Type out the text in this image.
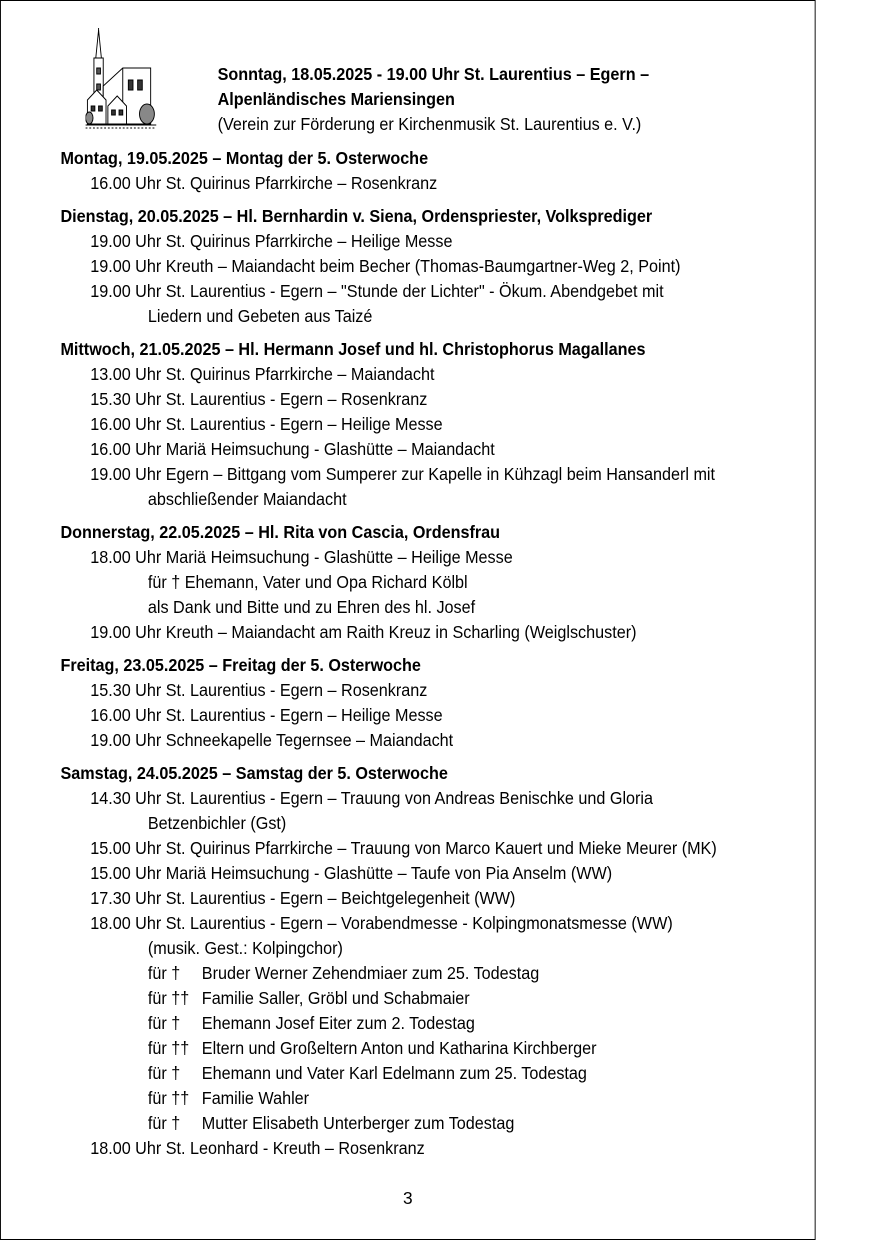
Sonntag, 18.05.2025 - 19.00 Uhr St. Laurentius – Egern –
Alpenländisches Mariensingen
(Verein zur Förderung er Kirchenmusik St. Laurentius e. V.)
Montag, 19.05.2025 – Montag der 5. Osterwoche
16.00 Uhr St. Quirinus Pfarrkirche – Rosenkranz
Dienstag, 20.05.2025 – Hl. Bernhardin v. Siena, Ordenspriester, Volksprediger
19.00 Uhr St. Quirinus Pfarrkirche – Heilige Messe
19.00 Uhr Kreuth – Maiandacht beim Becher (Thomas-Baumgartner-Weg 2, Point)
19.00 Uhr St. Laurentius - Egern – "Stunde der Lichter" - Ökum. Abendgebet mit
Liedern und Gebeten aus Taizé
Mittwoch, 21.05.2025 – Hl. Hermann Josef und hl. Christophorus Magallanes
13.00 Uhr St. Quirinus Pfarrkirche – Maiandacht
15.30 Uhr St. Laurentius - Egern – Rosenkranz
16.00 Uhr St. Laurentius - Egern – Heilige Messe
16.00 Uhr Mariä Heimsuchung - Glashütte – Maiandacht
19.00 Uhr Egern – Bittgang vom Sumperer zur Kapelle in Kühzagl beim Hansanderl mit
abschließender Maiandacht
Donnerstag, 22.05.2025 – Hl. Rita von Cascia, Ordensfrau
18.00 Uhr Mariä Heimsuchung - Glashütte – Heilige Messe
für † Ehemann, Vater und Opa Richard Kölbl
als Dank und Bitte und zu Ehren des hl. Josef
19.00 Uhr Kreuth – Maiandacht am Raith Kreuz in Scharling (Weiglschuster)
Freitag, 23.05.2025 – Freitag der 5. Osterwoche
15.30 Uhr St. Laurentius - Egern – Rosenkranz
16.00 Uhr St. Laurentius - Egern – Heilige Messe
19.00 Uhr Schneekapelle Tegernsee – Maiandacht
Samstag, 24.05.2025 – Samstag der 5. Osterwoche
14.30 Uhr St. Laurentius - Egern – Trauung von Andreas Benischke und Gloria
Betzenbichler (Gst)
15.00 Uhr St. Quirinus Pfarrkirche – Trauung von Marco Kauert und Mieke Meurer (MK)
15.00 Uhr Mariä Heimsuchung - Glashütte – Taufe von Pia Anselm (WW)
17.30 Uhr St. Laurentius - Egern – Beichtgelegenheit (WW)
18.00 Uhr St. Laurentius - Egern – Vorabendmesse - Kolpingmonatsmesse (WW)
(musik. Gest.: Kolpingchor)
für † Bruder Werner Zehendmiaer zum 25. Todestag
für †† Familie Saller, Gröbl und Schabmaier
für † Ehemann Josef Eiter zum 2. Todestag
für †† Eltern und Großeltern Anton und Katharina Kirchberger
für † Ehemann und Vater Karl Edelmann zum 25. Todestag
für †† Familie Wahler
für † Mutter Elisabeth Unterberger zum Todestag
18.00 Uhr St. Leonhard - Kreuth – Rosenkranz
3
